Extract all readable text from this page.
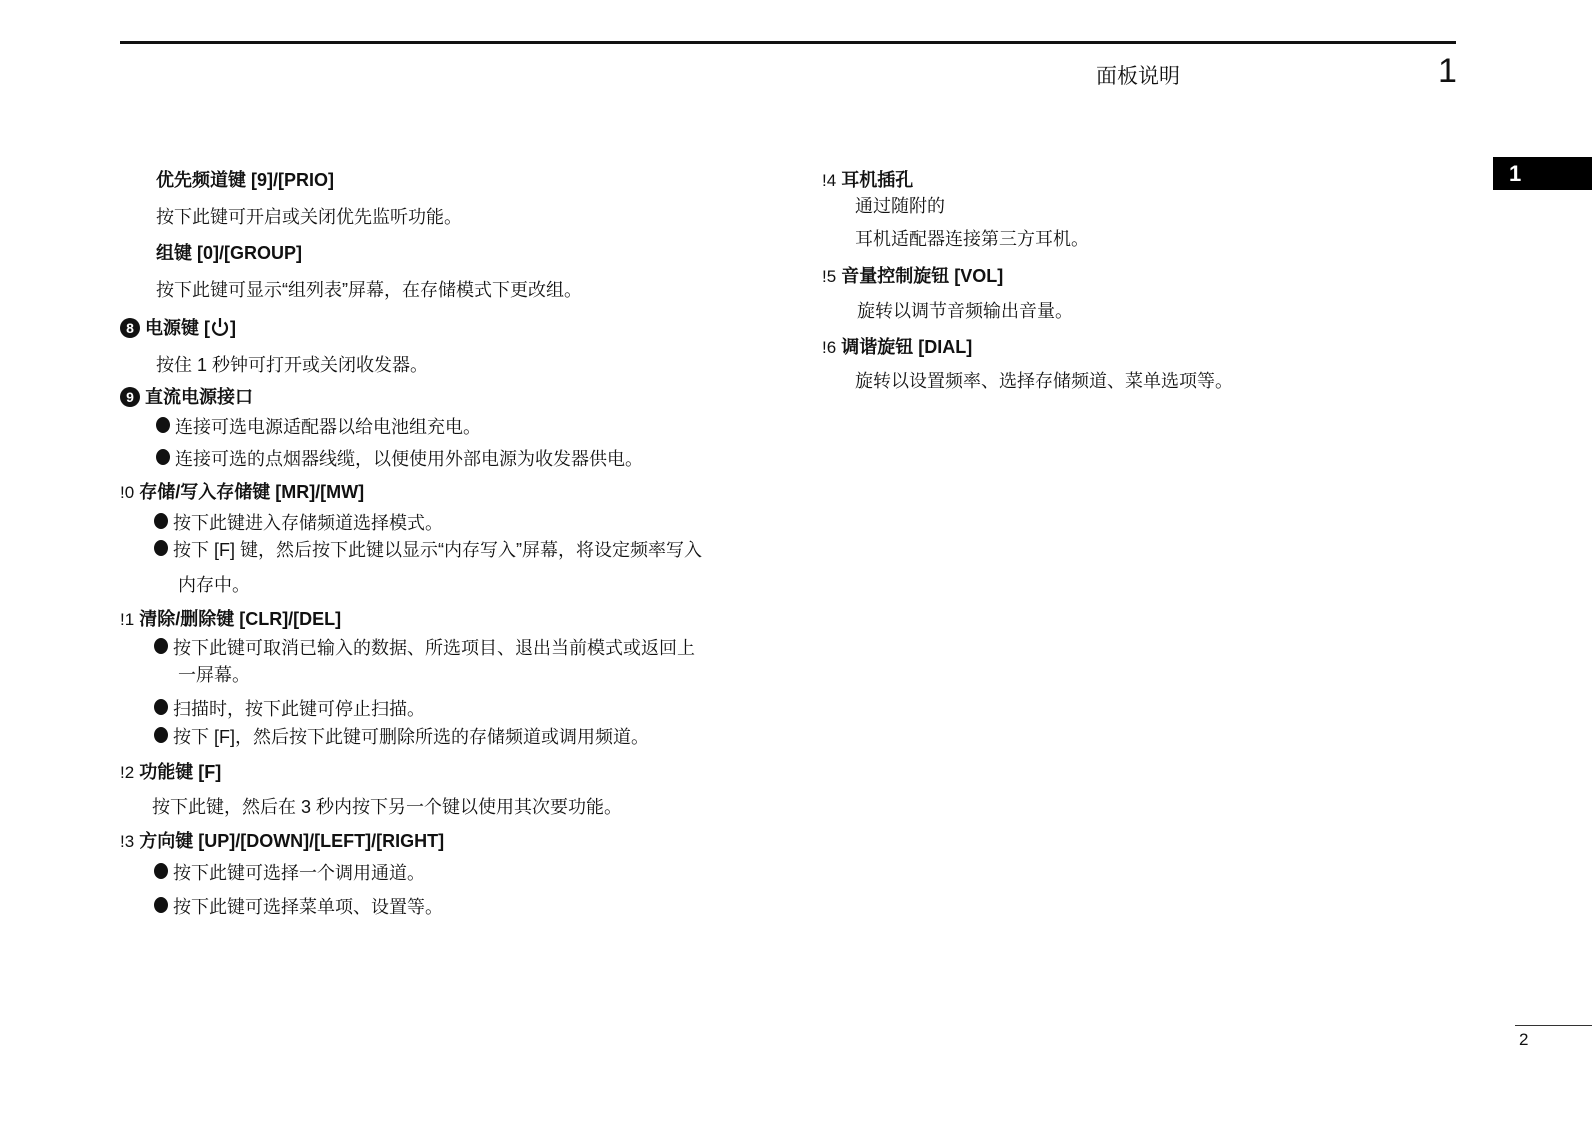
面板说明	1
1
优先频道键 [9]/[PRIO]
按下此键可开启或关闭优先监听功能。
组键 [0]/[GROUP]
按下此键可显示“组列表”屏幕，在存储模式下更改组。
8 电源键 [ ]
按住 1 秒钟可打开或关闭收发器。
9 直流电源接口
连接可选电源适配器以给电池组充电。
连接可选的点烟器线缆，以便使用外部电源为收发器供电。
!0 存储/写入存储键 [MR]/[MW]
按下此键进入存储频道选择模式。
按下 [F] 键，然后按下此键以显示“内存写入”屏幕，将设定频率写入
内存中。
!1 清除/删除键 [CLR]/[DEL]
按下此键可取消已输入的数据、所选项目、退出当前模式或返回上
一屏幕。
扫描时，按下此键可停止扫描。
按下 [F]，然后按下此键可删除所选的存储频道或调用频道。
!2 功能键 [F]
按下此键，然后在 3 秒内按下另一个键以使用其次要功能。
!3 方向键 [UP]/[DOWN]/[LEFT]/[RIGHT]
按下此键可选择一个调用通道。
按下此键可选择菜单项、设置等。
!4 耳机插孔
通过随附的
耳机适配器连接第三方耳机。
!5 音量控制旋钮 [VOL]
旋转以调节音频输出音量。
!6 调谐旋钮 [DIAL]
旋转以设置频率、选择存储频道、菜单选项等。
2
